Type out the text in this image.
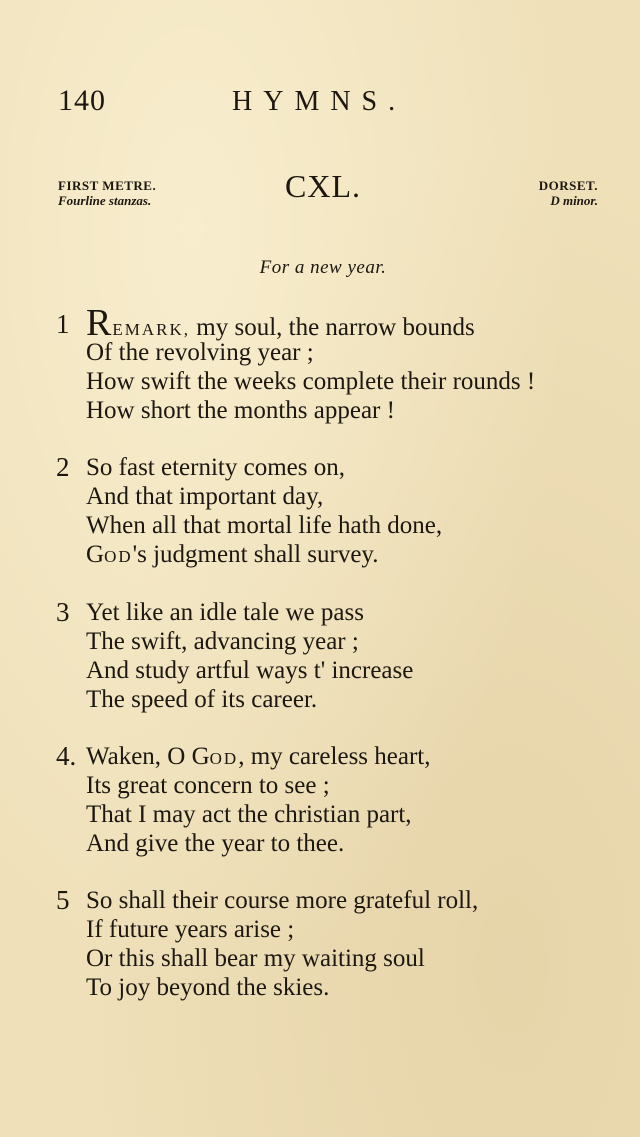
140	HYMNS.
FIRST METRE.
Fourline stanzas.	CXL.	DORSET.
D minor.
For a new year.
1 REMARK, my soul, the narrow bounds
Of the revolving year ;
How swift the weeks complete their rounds !
How short the months appear !
2 So fast eternity comes on,
And that important day,
When all that mortal life hath done,
GOD's judgment shall survey.
3 Yet like an idle tale we pass
The swift, advancing year ;
And study artful ways t' increase
The speed of its career.
4. Waken, O GOD, my careless heart,
Its great concern to see ;
That I may act the christian part,
And give the year to thee.
5 So shall their course more grateful roll,
If future years arise ;
Or this shall bear my waiting soul
To joy beyond the skies.
